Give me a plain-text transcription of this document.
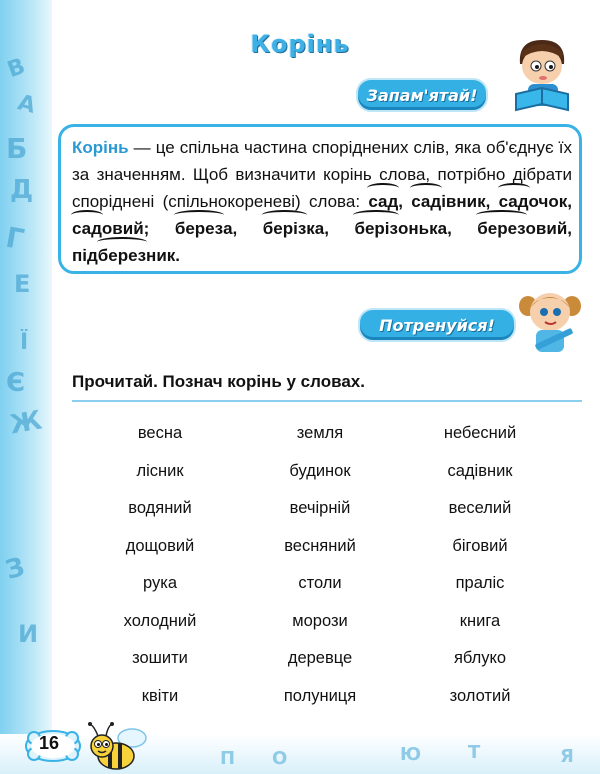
В
А
Б
Д
Г
Е
Ї
Є
Ж
З
И
П О	Ю	Т	Я
Корінь
Запам'ятай!
Корінь — це спільна частина споріднених слів, яка об'єднує їх за значенням. Щоб визначити корінь слова, потрібно дібрати споріднені (спільнокореневі) слова: сад, садівник, садочок, садовий; береза, берiзка, берiзонька, березовий, підберезник.
Потренуйся!
Прочитай. Познач корінь у словах.
весна	земля	небесний
лісник	будинок	садівник
водяний	вечірній	веселий
дощовий	весняний	біговий
рука	столи	праліс
холодний	морози	книга
зошити	деревце	яблуко
квіти	полуниця	золотий
16
